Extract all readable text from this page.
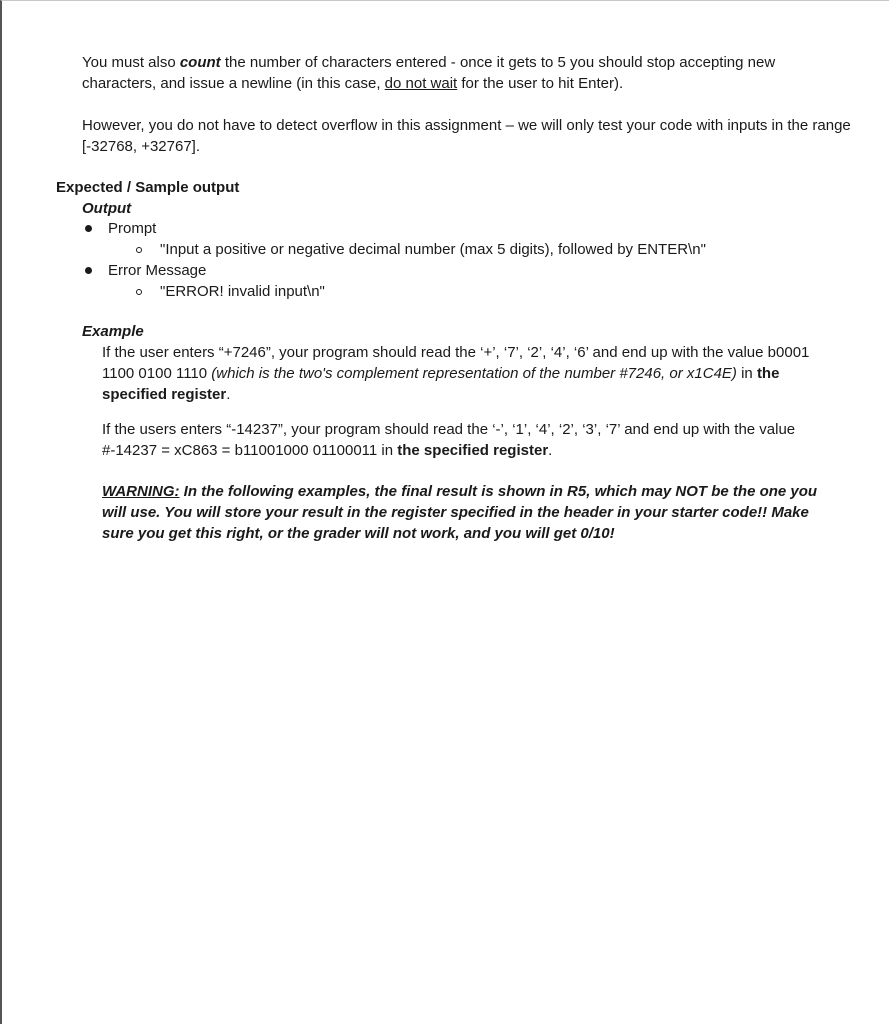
You must also count the number of characters entered - once it gets to 5 you should stop accepting new characters, and issue a newline (in this case, do not wait for the user to hit Enter).

However, you do not have to detect overflow in this assignment – we will only test your code with inputs in the range [-32768, +32767].

Expected / Sample output
Output
Prompt
"Input a positive or negative decimal number (max 5 digits), followed by ENTER\n"
Error Message
"ERROR! invalid input\n"
Example

If the user enters “+7246”, your program should read the ‘+’, ‘7’, ‘2’, ‘4’, ‘6’ and end up with the value b0001 1100 0100 1110 (which is the two's complement representation of the number #7246, or x1C4E) in the specified register.

If the users enters “-14237”, your program should read the ‘-’, ‘1’, ‘4’, ‘2’, ‘3’, ‘7’ and end up with the value #-14237 = xC863 = b11001000 01100011 in the specified register.

WARNING: In the following examples, the final result is shown in R5, which may NOT be the one you will use. You will store your result in the register specified in the header in your starter code!! Make sure you get this right, or the grader will not work, and you will get 0/10!
